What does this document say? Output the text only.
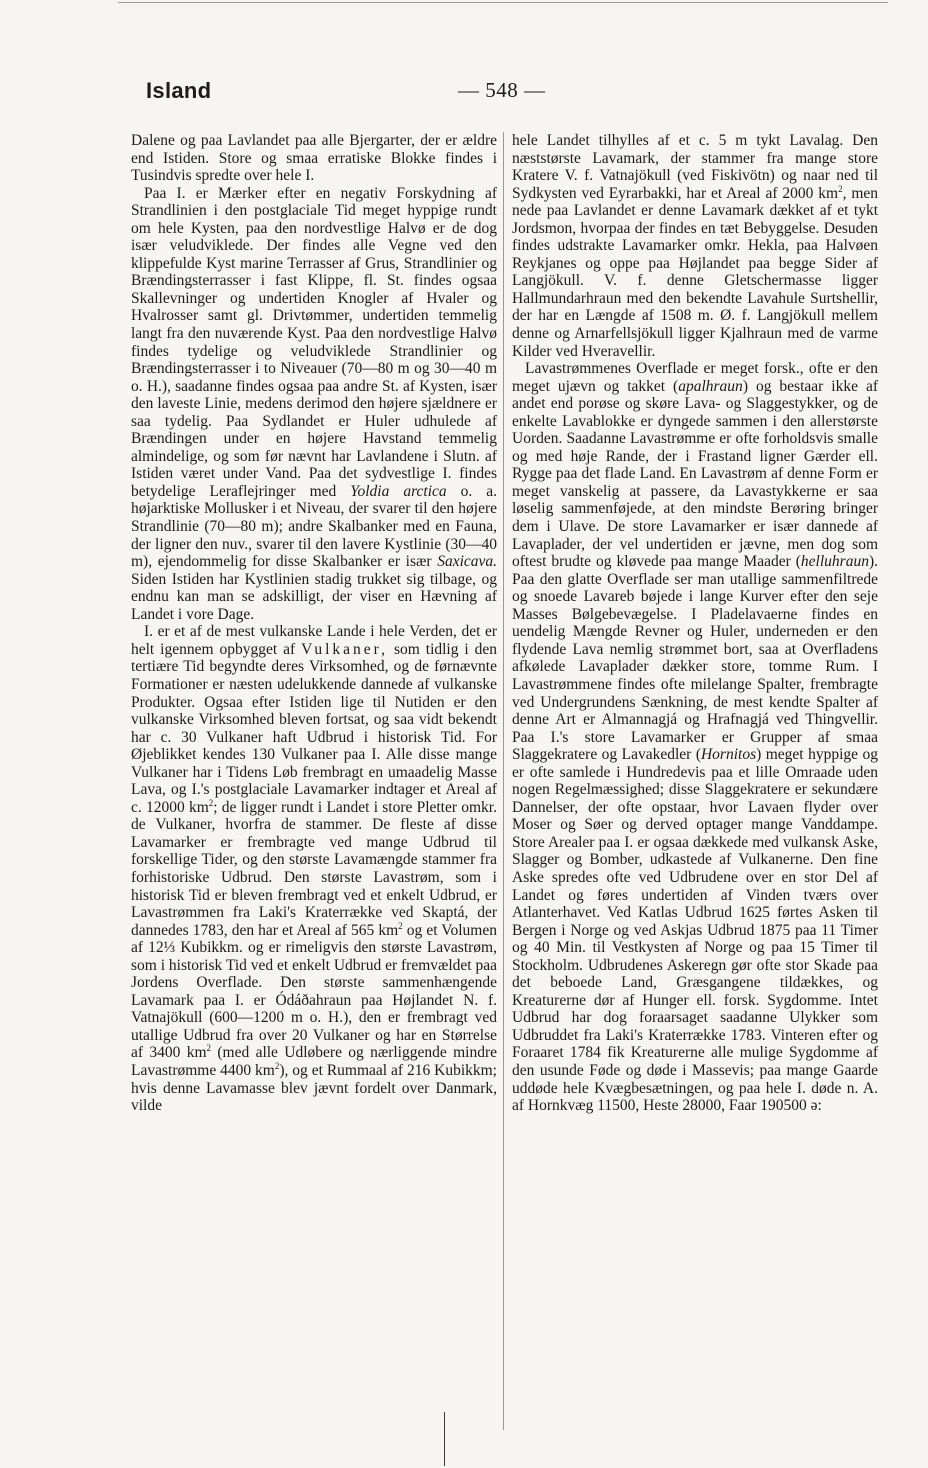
Island	— 548 —

Dalene og paa Lavlandet paa alle Bjergarter, der er ældre end Istiden. Store og smaa erratiske Blokke findes i Tusindvis spredte over hele I.

Paa I. er Mærker efter en negativ Forskydning af Strandlinien i den postglaciale Tid meget hyppige rundt om hele Kysten, paa den nordvestlige Halvø er de dog især veludviklede. Der findes alle Vegne ved den klippefulde Kyst marine Terrasser af Grus, Strandlinier og Brændingsterrasser i fast Klippe, fl. St. findes ogsaa Skallevninger og undertiden Knogler af Hvaler og Hvalrosser samt gl. Drivtømmer, undertiden temmelig langt fra den nuværende Kyst. Paa den nordvestlige Halvø findes tydelige og veludviklede Strandlinier og Brændingsterrasser i to Niveauer (70—80 m og 30—40 m o. H.), saadanne findes ogsaa paa andre St. af Kysten, især den laveste Linie, medens derimod den højere sjældnere er saa tydelig. Paa Sydlandet er Huler udhulede af Brændingen under en højere Havstand temmelig almindelige, og som før nævnt har Lavlandene i Slutn. af Istiden været under Vand. Paa det sydvestlige I. findes betydelige Leraflejringer med Yoldia arctica o. a. højarktiske Mollusker i et Niveau, der svarer til den højere Strandlinie (70—80 m); andre Skalbanker med en Fauna, der ligner den nuv., svarer til den lavere Kystlinie (30—40 m), ejendommelig for disse Skalbanker er især Saxicava. Siden Istiden har Kystlinien stadig trukket sig tilbage, og endnu kan man se adskilligt, der viser en Hævning af Landet i vore Dage.

I. er et af de mest vulkanske Lande i hele Verden, det er helt igennem opbygget af Vulkaner, som tidlig i den tertiære Tid begyndte deres Virksomhed, og de førnævnte Formationer er næsten udelukkende dannede af vulkanske Produkter. Ogsaa efter Istiden lige til Nutiden er den vulkanske Virksomhed bleven fortsat, og saa vidt bekendt har c. 30 Vulkaner haft Udbrud i historisk Tid. For Øjeblikket kendes 130 Vulkaner paa I. Alle disse mange Vulkaner har i Tidens Løb frembragt en umaadelig Masse Lava, og I.'s postglaciale Lavamarker indtager et Areal af c. 12000 $km^2$; de ligger rundt i Landet i store Pletter omkr. de Vulkaner, hvorfra de stammer. De fleste af disse Lavamarker er frembragte ved mange Udbrud til forskellige Tider, og den største Lavamængde stammer fra forhistoriske Udbrud. Den største Lavastrøm, som i historisk Tid er bleven frembragt ved et enkelt Udbrud, er Lavastrømmen fra Laki's Kraterrække ved Skaptá, der dannedes 1783, den har et Areal af 565 $km^2$ og et Volumen af 12⅓ Kubikkm. og er rimeligvis den største Lavastrøm, som i historisk Tid ved et enkelt Udbrud er fremvældet paa Jordens Overflade. Den største sammenhængende Lavamark paa I. er Ódáðahraun paa Højlandet N. f. Vatnajökull (600—1200 m o. H.), den er frembragt ved utallige Udbrud fra over 20 Vulkaner og har en Størrelse af 3400 $km^2$ (med alle Udløbere og nærliggende mindre Lavastrømme 4400 $km^2$), og et Rummaal af 216 Kubikkm; hvis denne Lavamasse blev jævnt fordelt over Danmark, vilde

hele Landet tilhylles af et c. 5 m tykt Lavalag. Den næststørste Lavamark, der stammer fra mange store Kratere V. f. Vatnajökull (ved Fiskivötn) og naar ned til Sydkysten ved Eyrarbakki, har et Areal af 2000 $km^2$, men nede paa Lavlandet er denne Lavamark dækket af et tykt Jordsmon, hvorpaa der findes en tæt Bebyggelse. Desuden findes udstrakte Lavamarker omkr. Hekla, paa Halvøen Reykjanes og oppe paa Højlandet paa begge Sider af Langjökull. V. f. denne Gletschermasse ligger Hallmundarhraun med den bekendte Lavahule Surtshellir, der har en Længde af 1508 m. Ø. f. Langjökull mellem denne og Arnarfellsjökull ligger Kjalhraun med de varme Kilder ved Hveravellir.

Lavastrømmenes Overflade er meget forsk., ofte er den meget ujævn og takket (apalhraun) og bestaar ikke af andet end porøse og skøre Lava- og Slaggestykker, og de enkelte Lavablokke er dyngede sammen i den allerstørste Uorden. Saadanne Lavastrømme er ofte forholdsvis smalle og med høje Rande, der i Frastand ligner Gærder ell. Rygge paa det flade Land. En Lavastrøm af denne Form er meget vanskelig at passere, da Lavastykkerne er saa løselig sammenføjede, at den mindste Berøring bringer dem i Ulave. De store Lavamarker er især dannede af Lavaplader, der vel undertiden er jævne, men dog som oftest brudte og kløvede paa mange Maader (helluhraun). Paa den glatte Overflade ser man utallige sammenfiltrede og snoede Lavareb bøjede i lange Kurver efter den seje Masses Bølgebevægelse. I Pladelavaerne findes en uendelig Mængde Revner og Huler, underneden er den flydende Lava nemlig strømmet bort, saa at Overfladens afkølede Lavaplader dækker store, tomme Rum. I Lavastrømmene findes ofte milelange Spalter, frembragte ved Undergrundens Sænkning, de mest kendte Spalter af denne Art er Almannagjá og Hrafnagjá ved Thingvellir. Paa I.'s store Lavamarker er Grupper af smaa Slaggekratere og Lavakedler (Hornitos) meget hyppige og er ofte samlede i Hundredevis paa et lille Omraade uden nogen Regelmæssighed; disse Slaggekratere er sekundære Dannelser, der ofte opstaar, hvor Lavaen flyder over Moser og Søer og derved optager mange Vanddampe. Store Arealer paa I. er ogsaa dækkede med vulkansk Aske, Slagger og Bomber, udkastede af Vulkanerne. Den fine Aske spredes ofte ved Udbrudene over en stor Del af Landet og føres undertiden af Vinden tværs over Atlanterhavet. Ved Katlas Udbrud 1625 førtes Asken til Bergen i Norge og ved Askjas Udbrud 1875 paa 11 Timer og 40 Min. til Vestkysten af Norge og paa 15 Timer til Stockholm. Udbrudenes Askeregn gør ofte stor Skade paa det beboede Land, Græsgangene tildækkes, og Kreaturerne dør af Hunger ell. forsk. Sygdomme. Intet Udbrud har dog foraarsaget saadanne Ulykker som Udbruddet fra Laki's Kraterrække 1783. Vinteren efter og Foraaret 1784 fik Kreaturerne alle mulige Sygdomme af den usunde Føde og døde i Massevis; paa mange Gaarde uddøde hele Kvægbesætningen, og paa hele I. døde n. A. af Hornkvæg 11500, Heste 28000, Faar 190500 ə:
